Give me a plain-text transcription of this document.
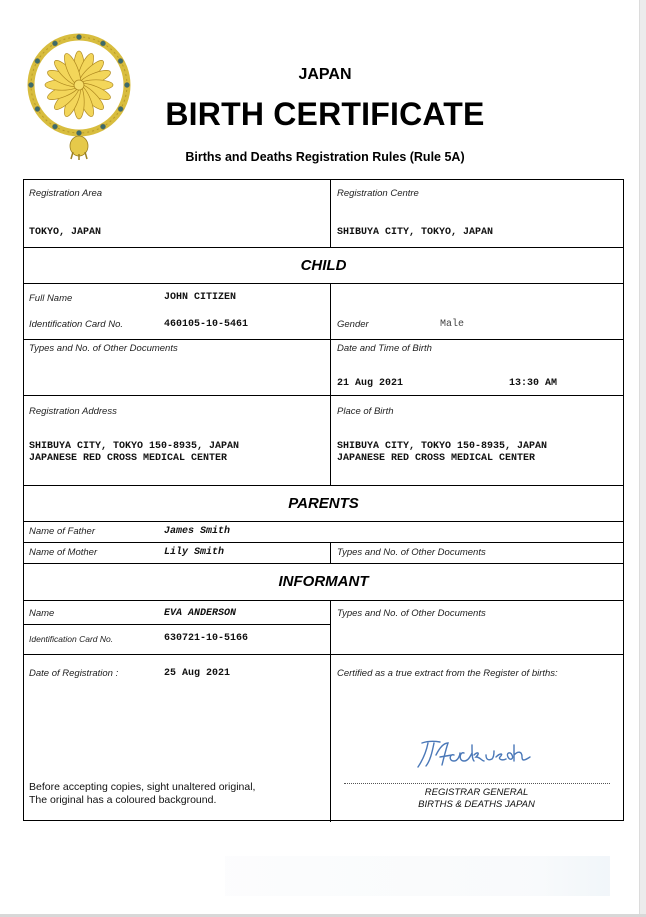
JAPAN
BIRTH CERTIFICATE
Births and Deaths Registration Rules (Rule 5A)
Registration Area
TOKYO, JAPAN
Registration Centre
SHIBUYA CITY, TOKYO, JAPAN
CHILD
Full Name	JOHN CITIZEN
Identification Card No.	460105-10-5461	Gender	Male
Types and No. of Other Documents	Date and Time of Birth
21 Aug 2021	13:30 AM
Registration Address
SHIBUYA CITY, TOKYO 150-8935, JAPAN
JAPANESE RED CROSS MEDICAL CENTER
Place of Birth
SHIBUYA CITY, TOKYO 150-8935, JAPAN
JAPANESE RED CROSS MEDICAL CENTER
PARENTS
Name of Father	James Smith
Name of Mother	Lily Smith	Types and No. of Other Documents
INFORMANT
Name	EVA ANDERSON
Identification Card No.	630721-10-5166
Types and No. of Other Documents
Date of Registration :	25 Aug 2021
Before accepting copies, sight unaltered original,
The original has a coloured background.
Certified as a true extract from the Register of births:
REGISTRAR GENERAL
BIRTHS & DEATHS JAPAN
